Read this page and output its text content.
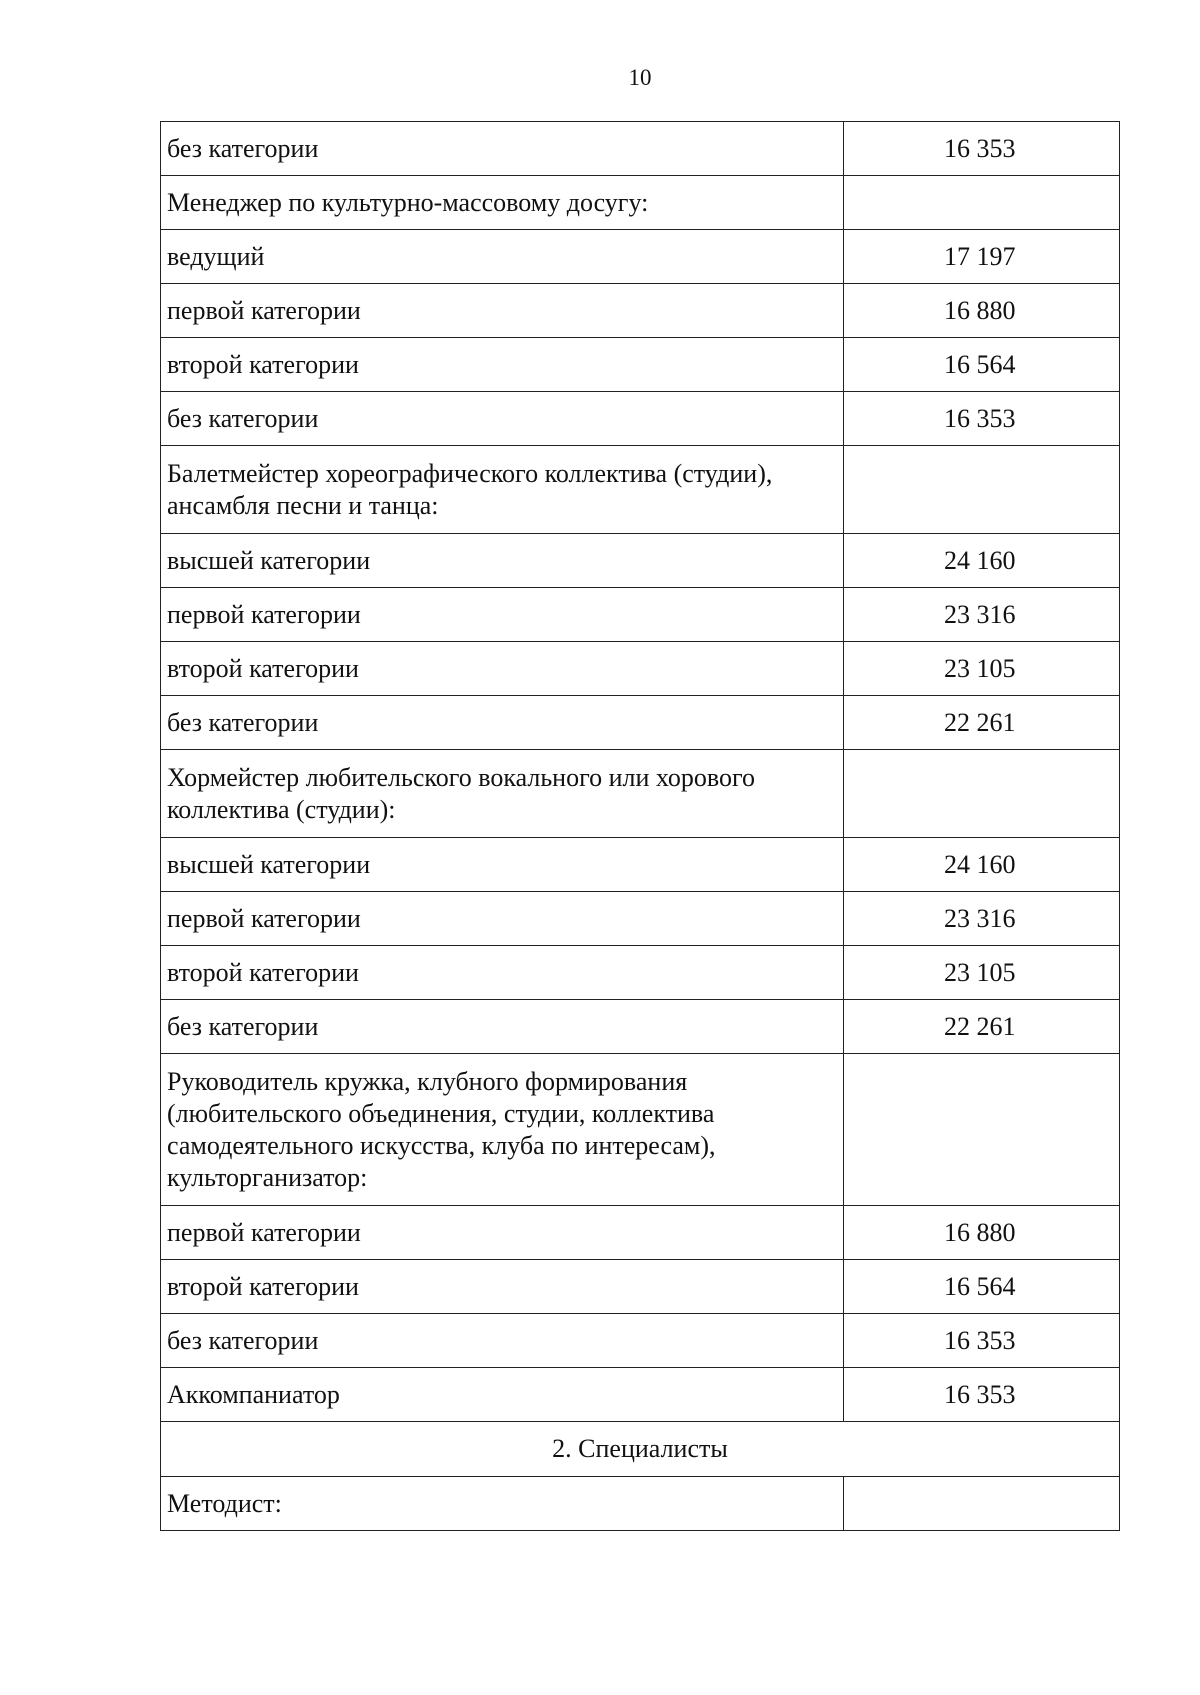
10
без категории	16 353
Менеджер по культурно-массовому досугу:	
ведущий	17 197
первой категории	16 880
второй категории	16 564
без категории	16 353
Балетмейстер хореографического коллектива (студии), ансамбля песни и танца:	
высшей категории	24 160
первой категории	23 316
второй категории	23 105
без категории	22 261
Хормейстер любительского вокального или хорового коллектива (студии):	
высшей категории	24 160
первой категории	23 316
второй категории	23 105
без категории	22 261
Руководитель кружка, клубного формирования (любительского объединения, студии, коллектива самодеятельного искусства, клуба по интересам), культорганизатор:	
первой категории	16 880
второй категории	16 564
без категории	16 353
Аккомпаниатор	16 353
2. Специалисты	
Методист:	
